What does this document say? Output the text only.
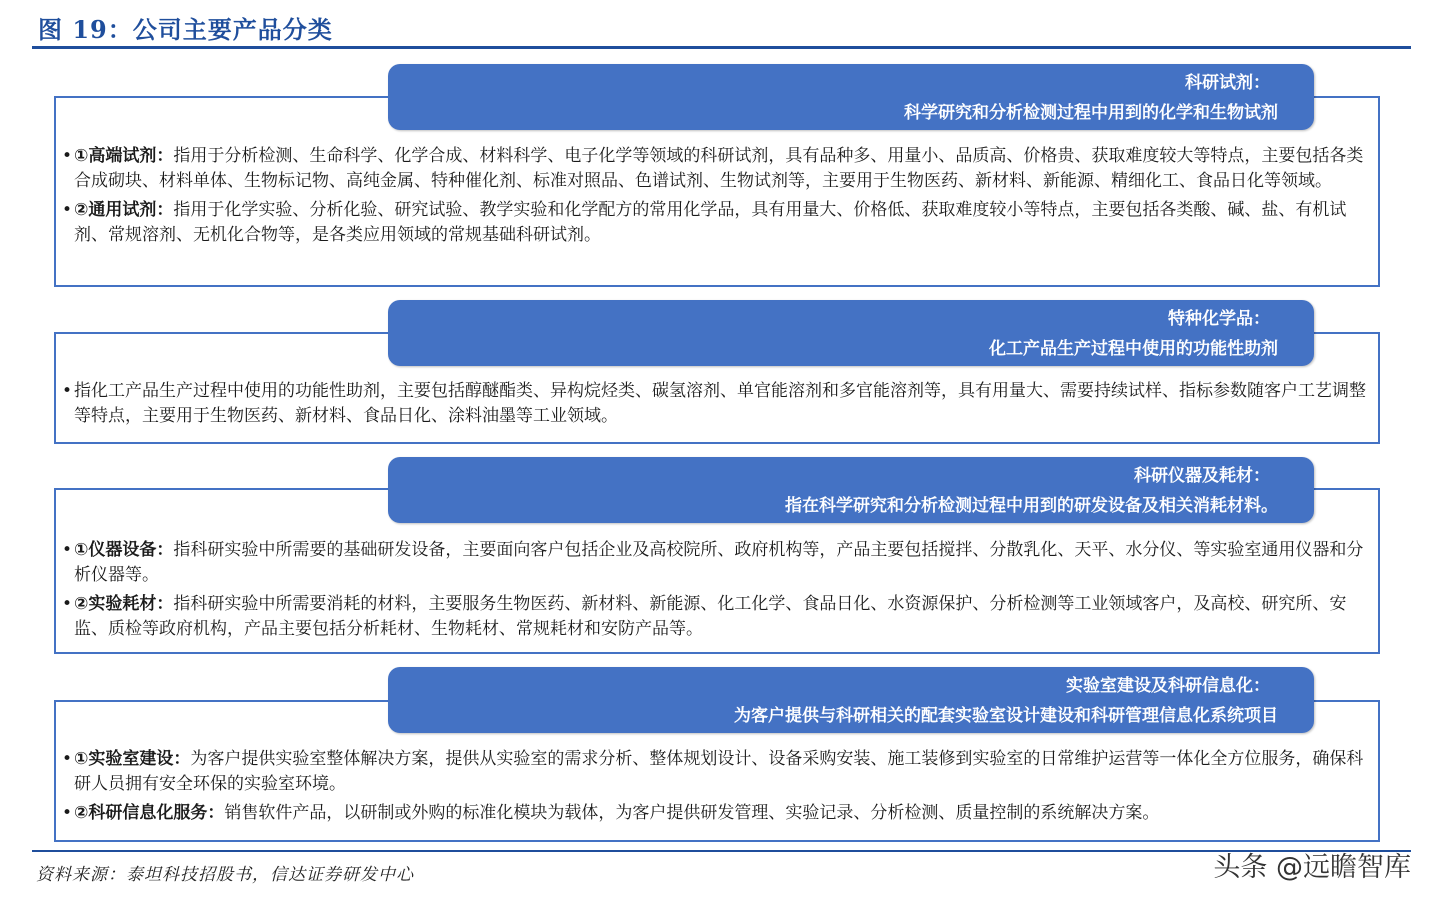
图 19：公司主要产品分类
科研试剂：
科学研究和分析检测过程中用到的化学和生物试剂
• ①高端试剂：指用于分析检测、生命科学、化学合成、材料科学、电子化学等领域的科研试剂，具有品种多、用量小、品质高、价格贵、获取难度较大等特点，主要包括各类合成砌块、材料单体、生物标记物、高纯金属、特种催化剂、标准对照品、色谱试剂、生物试剂等，主要用于生物医药、新材料、新能源、精细化工、食品日化等领域。
• ②通用试剂：指用于化学实验、分析化验、研究试验、教学实验和化学配方的常用化学品，具有用量大、价格低、获取难度较小等特点，主要包括各类酸、碱、盐、有机试剂、常规溶剂、无机化合物等，是各类应用领域的常规基础科研试剂。
特种化学品：
化工产品生产过程中使用的功能性助剂
• 指化工产品生产过程中使用的功能性助剂，主要包括醇醚酯类、异构烷烃类、碳氢溶剂、单官能溶剂和多官能溶剂等，具有用量大、需要持续试样、指标参数随客户工艺调整等特点，主要用于生物医药、新材料、食品日化、涂料油墨等工业领域。
科研仪器及耗材：
指在科学研究和分析检测过程中用到的研发设备及相关消耗材料。
• ①仪器设备：指科研实验中所需要的基础研发设备，主要面向客户包括企业及高校院所、政府机构等，产品主要包括搅拌、分散乳化、天平、水分仪、等实验室通用仪器和分析仪器等。
• ②实验耗材：指科研实验中所需要消耗的材料，主要服务生物医药、新材料、新能源、化工化学、食品日化、水资源保护、分析检测等工业领域客户，及高校、研究所、安监、质检等政府机构，产品主要包括分析耗材、生物耗材、常规耗材和安防产品等。
实验室建设及科研信息化：
为客户提供与科研相关的配套实验室设计建设和科研管理信息化系统项目
• ①实验室建设：为客户提供实验室整体解决方案，提供从实验室的需求分析、整体规划设计、设备采购安装、施工装修到实验室的日常维护运营等一体化全方位服务，确保科研人员拥有安全环保的实验室环境。
• ②科研信息化服务：销售软件产品，以研制或外购的标准化模块为载体，为客户提供研发管理、实验记录、分析检测、质量控制的系统解决方案。
资料来源：泰坦科技招股书，信达证券研发中心	头条 @远瞻智库
